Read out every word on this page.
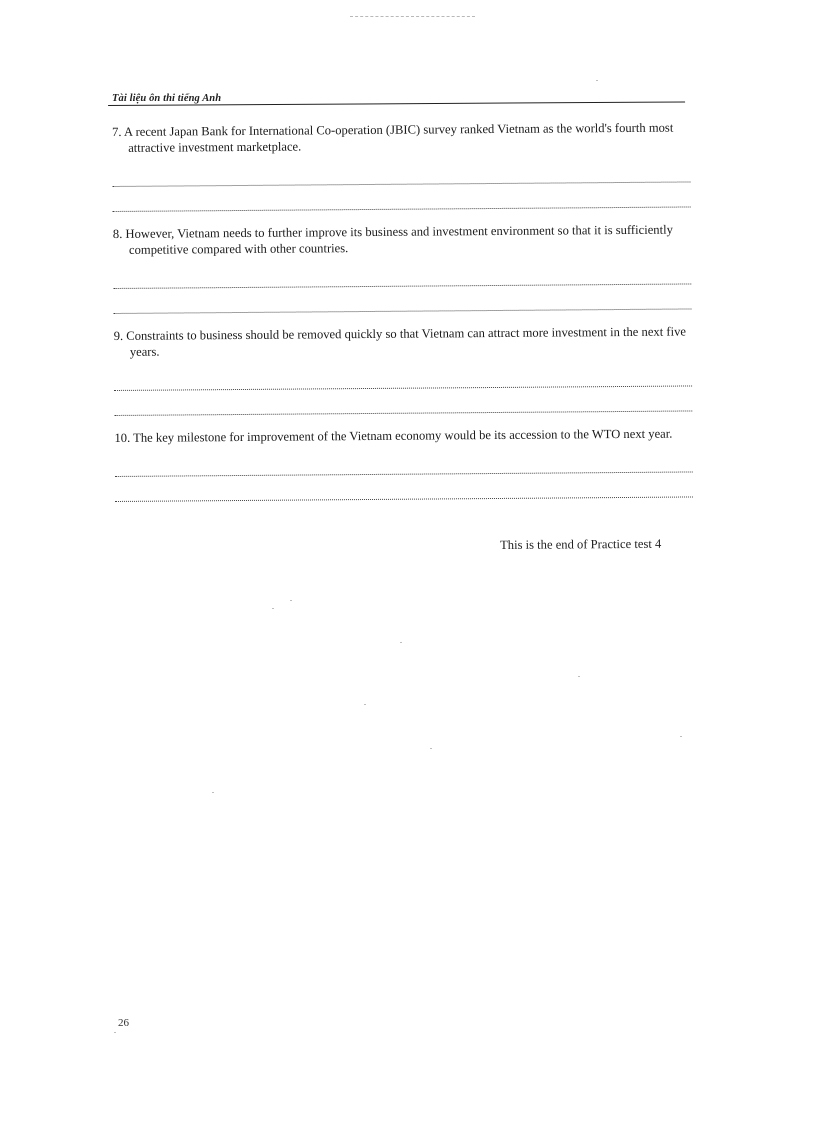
Tài liệu ôn thi tiếng Anh

7. A recent Japan Bank for International Co-operation (JBIC) survey ranked Vietnam as the world's fourth most attractive investment marketplace.

8. However, Vietnam needs to further improve its business and investment environment so that it is sufficiently competitive compared with other countries.

9. Constraints to business should be removed quickly so that Vietnam can attract more investment in the next five years.

10. The key milestone for improvement of the Vietnam economy would be its accession to the WTO next year.

This is the end of Practice test 4
26
